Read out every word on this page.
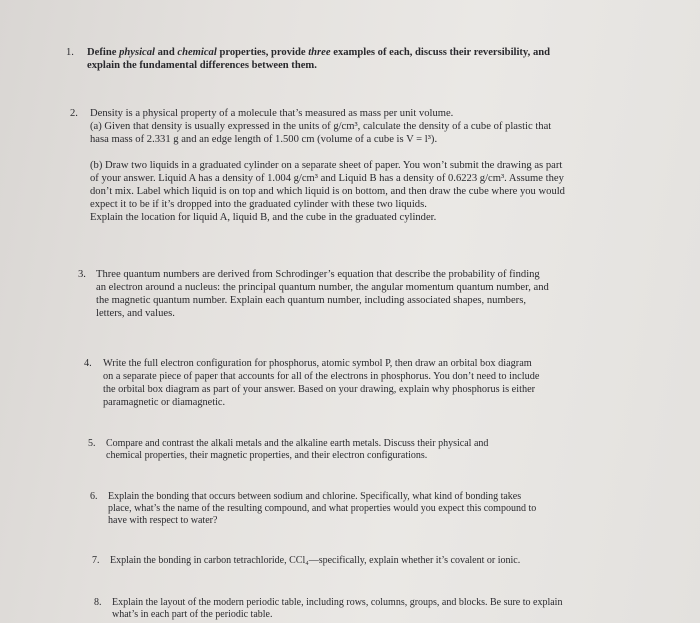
1. Define physical and chemical properties, provide three examples of each, discuss their reversibility, and

explain the fundamental differences between them.

2. Density is a physical property of a molecule that’s measured as mass per unit volume.

(a) Given that density is usually expressed in the units of g/cm³, calculate the density of a cube of plastic that

hasa mass of 2.331 g and an edge length of 1.500 cm (volume of a cube is V = l³).

(b) Draw two liquids in a graduated cylinder on a separate sheet of paper. You won’t submit the drawing as part

of your answer. Liquid A has a density of 1.004 g/cm³ and Liquid B has a density of 0.6223 g/cm³. Assume they

don’t mix. Label which liquid is on top and which liquid is on bottom, and then draw the cube where you would

expect it to be if it’s dropped into the graduated cylinder with these two liquids.

Explain the location for liquid A, liquid B, and the cube in the graduated cylinder.

3. Three quantum numbers are derived from Schrodinger’s equation that describe the probability of finding

an electron around a nucleus: the principal quantum number, the angular momentum quantum number, and

the magnetic quantum number. Explain each quantum number, including associated shapes, numbers,

letters, and values.

4. Write the full electron configuration for phosphorus, atomic symbol P, then draw an orbital box diagram

on a separate piece of paper that accounts for all of the electrons in phosphorus. You don’t need to include

the orbital box diagram as part of your answer. Based on your drawing, explain why phosphorus is either

paramagnetic or diamagnetic.

5. Compare and contrast the alkali metals and the alkaline earth metals. Discuss their physical and

chemical properties, their magnetic properties, and their electron configurations.

6. Explain the bonding that occurs between sodium and chlorine. Specifically, what kind of bonding takes

place, what’s the name of the resulting compound, and what properties would you expect this compound to

have with respect to water?

7. Explain the bonding in carbon tetrachloride, CCl₄—specifically, explain whether it’s covalent or ionic.

8. Explain the layout of the modern periodic table, including rows, columns, groups, and blocks. Be sure to explain

what’s in each part of the periodic table.
